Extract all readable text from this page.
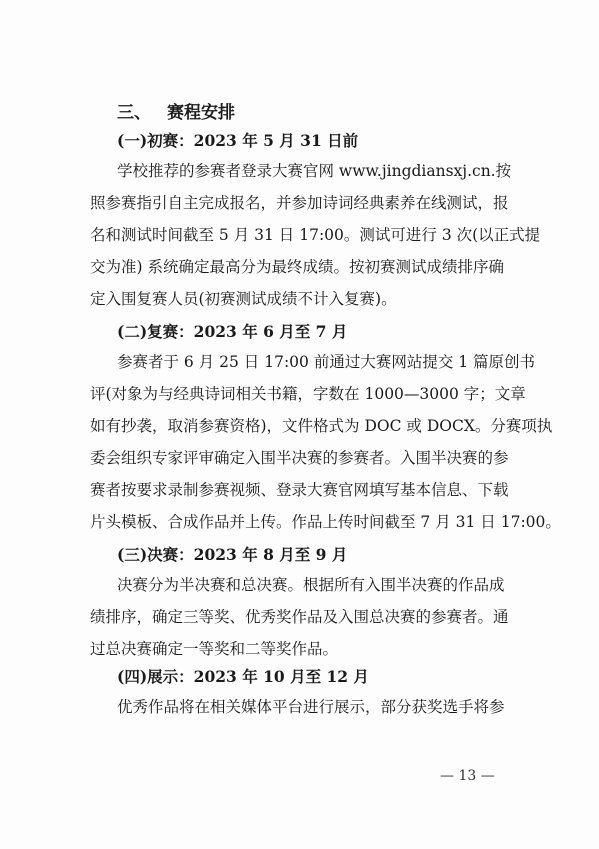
三、 赛程安排
(一)初赛：2023 年 5 月 31 日前
学校推荐的参赛者登录大赛官网 www.jingdiansxj.cn.按
照参赛指引自主完成报名，并参加诗词经典素养在线测试，报
名和测试时间截至 5 月 31 日 17:00。测试可进行 3 次(以正式提
交为准) 系统确定最高分为最终成绩。按初赛测试成绩排序确
定入围复赛人员(初赛测试成绩不计入复赛)。
(二)复赛：2023 年 6 月至 7 月
参赛者于 6 月 25 日 17:00 前通过大赛网站提交 1 篇原创书
评(对象为与经典诗词相关书籍，字数在 1000—3000 字；文章
如有抄袭，取消参赛资格)，文件格式为 DOC 或 DOCX。分赛项执
委会组织专家评审确定入围半决赛的参赛者。入围半决赛的参
赛者按要求录制参赛视频、登录大赛官网填写基本信息、下载
片头模板、合成作品并上传。作品上传时间截至 7 月 31 日 17:00。
(三)决赛：2023 年 8 月至 9 月
决赛分为半决赛和总决赛。根据所有入围半决赛的作品成
绩排序，确定三等奖、优秀奖作品及入围总决赛的参赛者。通
过总决赛确定一等奖和二等奖作品。
(四)展示：2023 年 10 月至 12 月
优秀作品将在相关媒体平台进行展示，部分获奖选手将参
— 13 —
